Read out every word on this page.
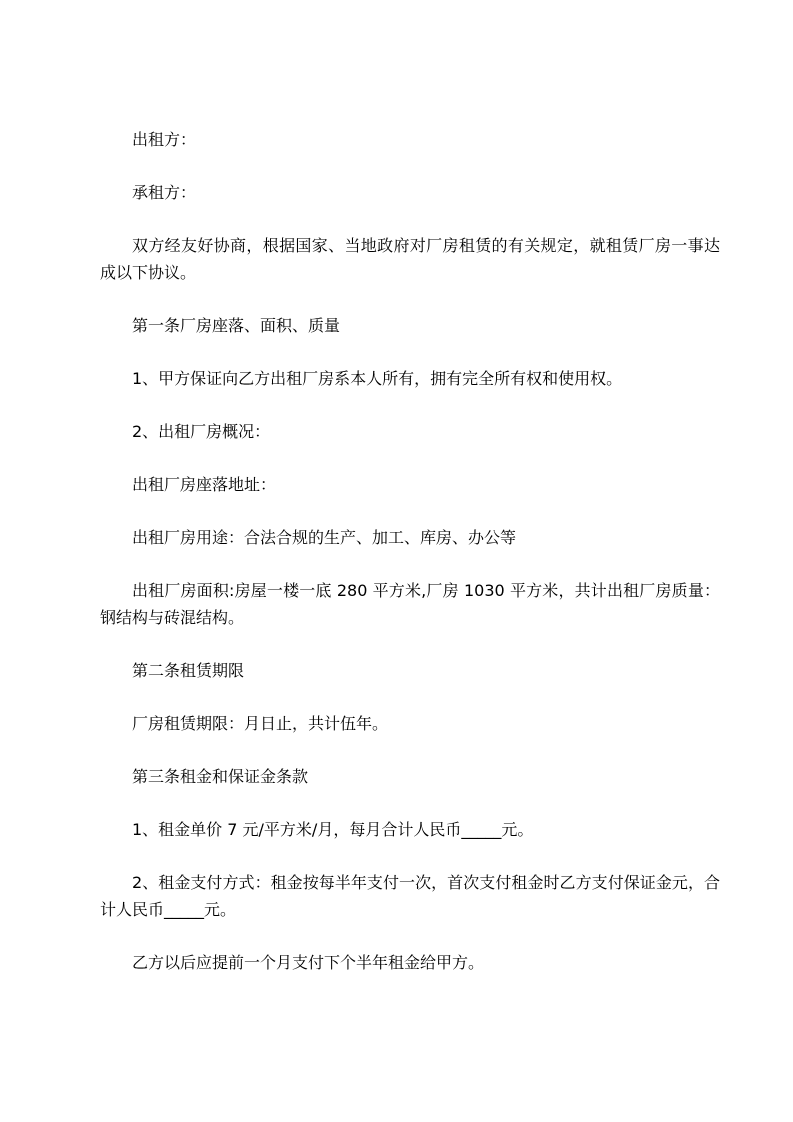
出租方：

承租方：

双方经友好协商，根据国家、当地政府对厂房租赁的有关规定，就租赁厂房一事达成以下协议。

第一条厂房座落、面积、质量

1、甲方保证向乙方出租厂房系本人所有，拥有完全所有权和使用权。

2、出租厂房概况：

出租厂房座落地址：

出租厂房用途：合法合规的生产、加工、库房、办公等

出租厂房面积:房屋一楼一底 280 平方米,厂房 1030 平方米，共计出租厂房质量：钢结构与砖混结构。

第二条租赁期限

厂房租赁期限：月日止，共计伍年。

第三条租金和保证金条款

1、租金单价 7 元/平方米/月，每月合计人民币_____元。

2、租金支付方式：租金按每半年支付一次，首次支付租金时乙方支付保证金元，合计人民币_____元。

乙方以后应提前一个月支付下个半年租金给甲方。
